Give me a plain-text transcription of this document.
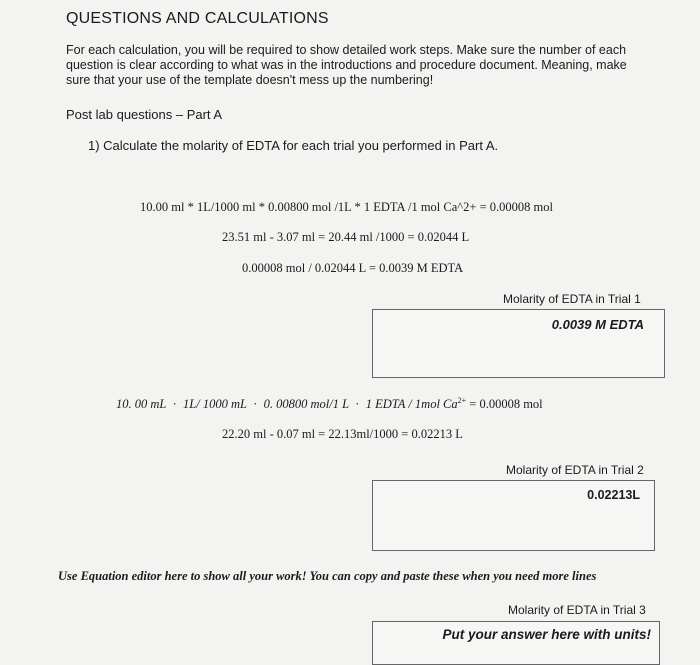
QUESTIONS AND CALCULATIONS
For each calculation, you will be required to show detailed work steps. Make sure the number of each question is clear according to what was in the introductions and procedure document. Meaning, make sure that your use of the template doesn't mess up the numbering!
Post lab questions – Part A
1) Calculate the molarity of EDTA for each trial you performed in Part A.
10.00 ml * 1L/1000 ml * 0.00800 mol /1L * 1 EDTA /1 mol Ca^2+ = 0.00008 mol
23.51 ml - 3.07 ml = 20.44 ml /1000 = 0.02044 L
0.00008 mol / 0.02044 L = 0.0039 M EDTA
Molarity of EDTA in Trial 1
0.0039 M EDTA
10. 00 mL · 1L/ 1000 mL · 0. 00800 mol/1 L · 1 EDTA / 1mol $Ca^{2+} = 0.00008$ mol
22.20 ml - 0.07 ml = 22.13ml/1000 = 0.02213 L
Molarity of EDTA in Trial 2
0.02213L
Use Equation editor here to show all your work! You can copy and paste these when you need more lines
Molarity of EDTA in Trial 3
Put your answer here with units!
